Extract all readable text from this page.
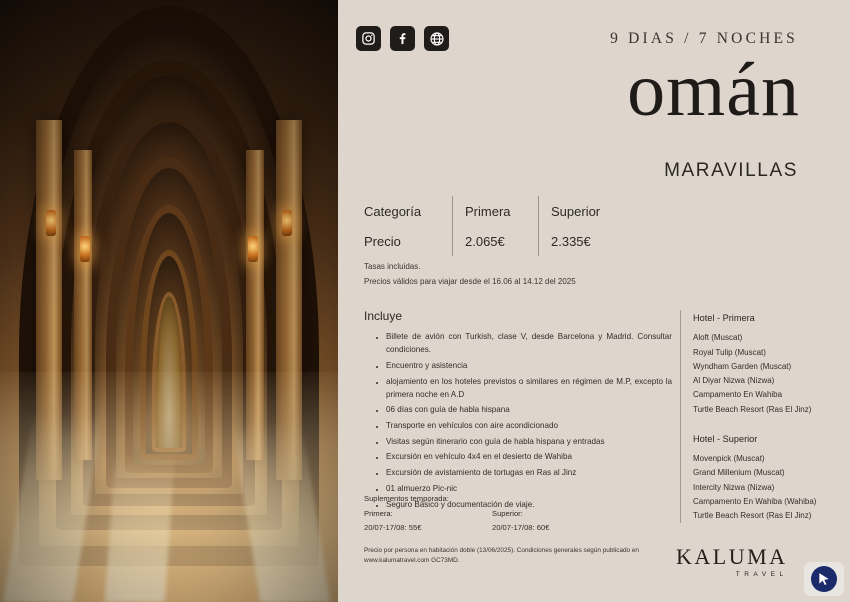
9 DIAS / 7 NOCHES
omán
MARAVILLAS
Categoría	Primera	Superior
Precio	2.065€	2.335€
Tasas incluidas.
Precios válidos para viajar desde el 16.06 al 14.12 del 2025
Incluye
• Billete de avión con Turkish, clase V, desde Barcelona y Madrid. Consultar condiciones.
• Encuentro y asistencia
• alojamiento en los hoteles previstos o similares en régimen de M.P, excepto la primera noche en A.D
• 06 días con guía de habla hispana
• Transporte en vehículos con aire acondicionado
• Visitas según itinerario con guía de habla hispana y entradas
• Excursión en vehículo 4x4 en el desierto de Wahiba
• Excursión de avistamiento de tortugas en Ras al Jinz
• 01 almuerzo Pic-nic
• Seguro Básico y documentación de viaje.
Suplementos temporada:
Primera:
20/07-17/08: 55€
Superior:
20/07-17/08: 60€
Precio por persona en habitación doble (13/06/2025). Condiciones generales según publicado en www.kalumatravel.com GC73MD.
Hotel - Primera
Aloft (Muscat)
Royal Tulip (Muscat)
Wyndham Garden (Muscat)
Al Diyar Nizwa (Nizwa)
Campamento En Wahiba
Turtle Beach Resort (Ras El Jinz)
Hotel - Superior
Movenpick (Muscat)
Grand Millenium (Muscat)
Intercity Nizwa (Nizwa)
Campamento En Wahiba (Wahiba)
Turtle Beach Resort (Ras El Jinz)
KALUMA
TRAVEL
